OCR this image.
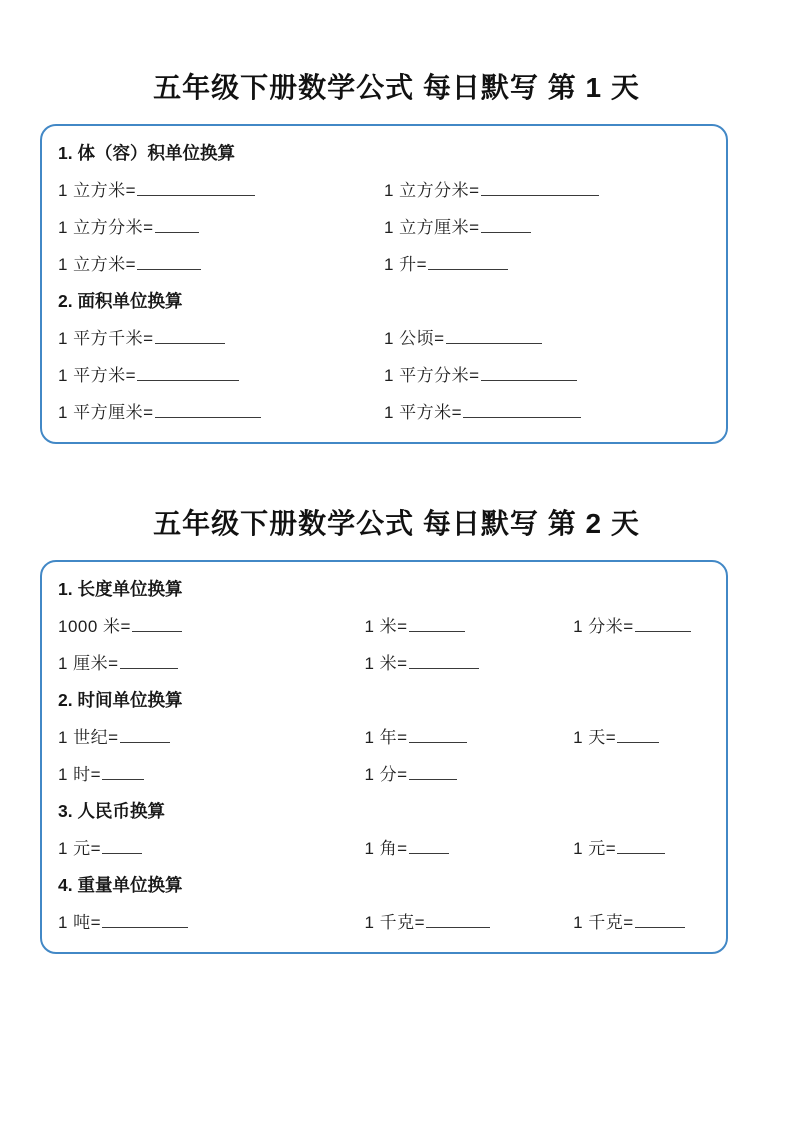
五年级下册数学公式 每日默写 第 1 天
1. 体（容）积单位换算
1 立方米=	1 立方分米=
1 立方分米=	1 立方厘米=
1 立方米=	1 升=
2. 面积单位换算
1 平方千米=	1 公顷=
1 平方米=	1 平方分米=
1 平方厘米=	1 平方米=
五年级下册数学公式 每日默写 第 2 天
1. 长度单位换算
1000 米=	1 米=	1 分米=
1 厘米=	1 米=
2. 时间单位换算
1 世纪=	1 年=	1 天=
1 时=	1 分=
3. 人民币换算
1 元=	1 角=	1 元=
4. 重量单位换算
1 吨=	1 千克=	1 千克=
